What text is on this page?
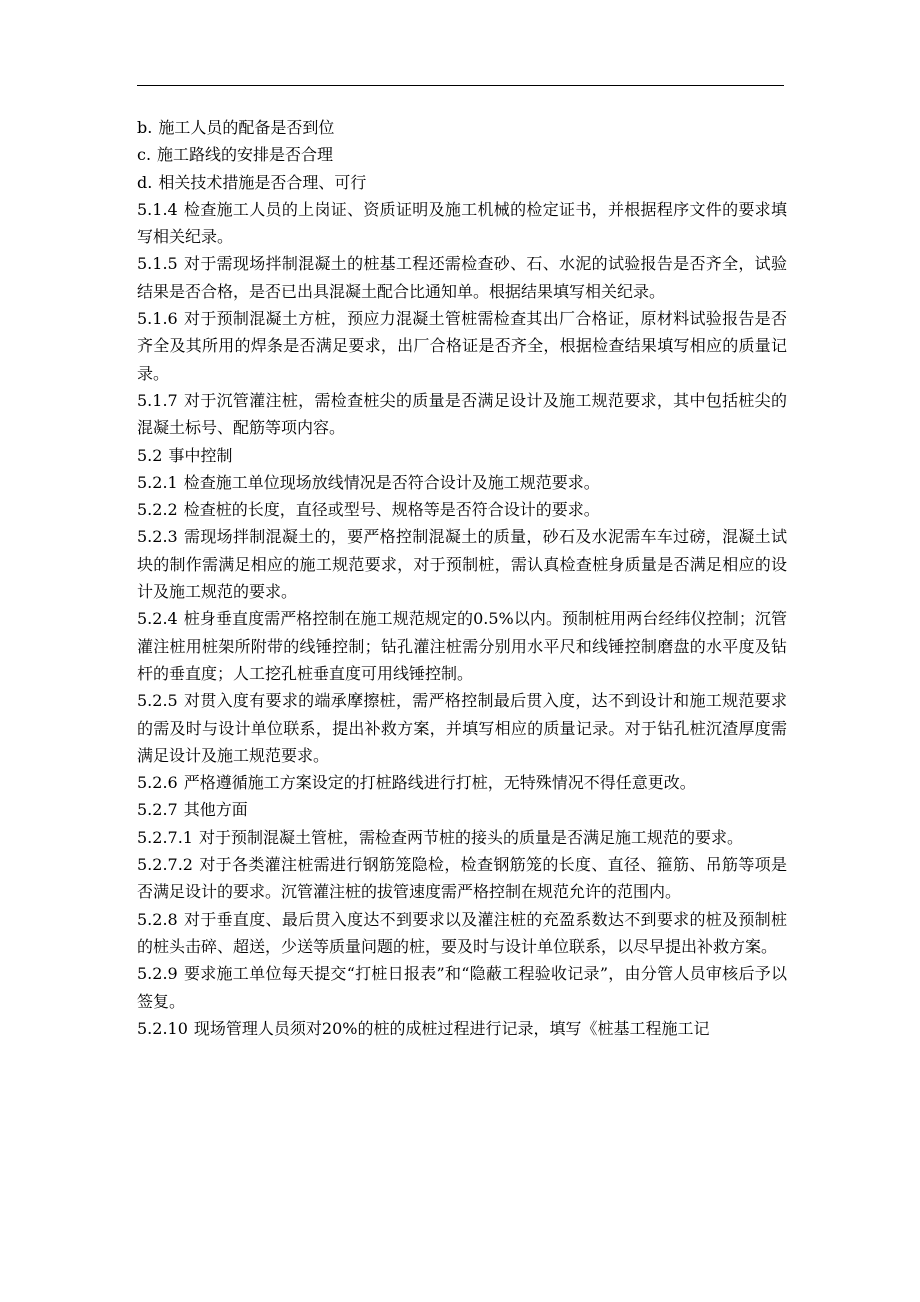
b. 施工人员的配备是否到位

c. 施工路线的安排是否合理

d. 相关技术措施是否合理、可行

5.1.4 检查施工人员的上岗证、资质证明及施工机械的检定证书，并根据程序文件的要求填写相关纪录。

5.1.5 对于需现场拌制混凝土的桩基工程还需检查砂、石、水泥的试验报告是否齐全，试验结果是否合格，是否已出具混凝土配合比通知单。根据结果填写相关纪录。

5.1.6 对于预制混凝土方桩，预应力混凝土管桩需检查其出厂合格证，原材料试验报告是否齐全及其所用的焊条是否满足要求，出厂合格证是否齐全，根据检查结果填写相应的质量记录。

5.1.7 对于沉管灌注桩，需检查桩尖的质量是否满足设计及施工规范要求，其中包括桩尖的混凝土标号、配筋等项内容。

5.2 事中控制

5.2.1 检查施工单位现场放线情况是否符合设计及施工规范要求。

5.2.2 检查桩的长度，直径或型号、规格等是否符合设计的要求。

5.2.3 需现场拌制混凝土的，要严格控制混凝土的质量，砂石及水泥需车车过磅，混凝土试块的制作需满足相应的施工规范要求，对于预制桩，需认真检查桩身质量是否满足相应的设计及施工规范的要求。

5.2.4 桩身垂直度需严格控制在施工规范规定的0.5%以内。预制桩用两台经纬仪控制；沉管灌注桩用桩架所附带的线锤控制；钻孔灌注桩需分别用水平尺和线锤控制磨盘的水平度及钻杆的垂直度；人工挖孔桩垂直度可用线锤控制。

5.2.5 对贯入度有要求的端承摩擦桩，需严格控制最后贯入度，达不到设计和施工规范要求的需及时与设计单位联系，提出补救方案，并填写相应的质量记录。对于钻孔桩沉渣厚度需满足设计及施工规范要求。

5.2.6 严格遵循施工方案设定的打桩路线进行打桩，无特殊情况不得任意更改。

5.2.7 其他方面

5.2.7.1 对于预制混凝土管桩，需检查两节桩的接头的质量是否满足施工规范的要求。

5.2.7.2 对于各类灌注桩需进行钢筋笼隐检，检查钢筋笼的长度、直径、箍筋、吊筋等项是否满足设计的要求。沉管灌注桩的拔管速度需严格控制在规范允许的范围内。

5.2.8 对于垂直度、最后贯入度达不到要求以及灌注桩的充盈系数达不到要求的桩及预制桩的桩头击碎、超送，少送等质量问题的桩，要及时与设计单位联系，以尽早提出补救方案。

5.2.9 要求施工单位每天提交“打桩日报表”和“隐蔽工程验收记录”，由分管人员审核后予以签复。

5.2.10 现场管理人员须对20%的桩的成桩过程进行记录，填写《桩基工程施工记
